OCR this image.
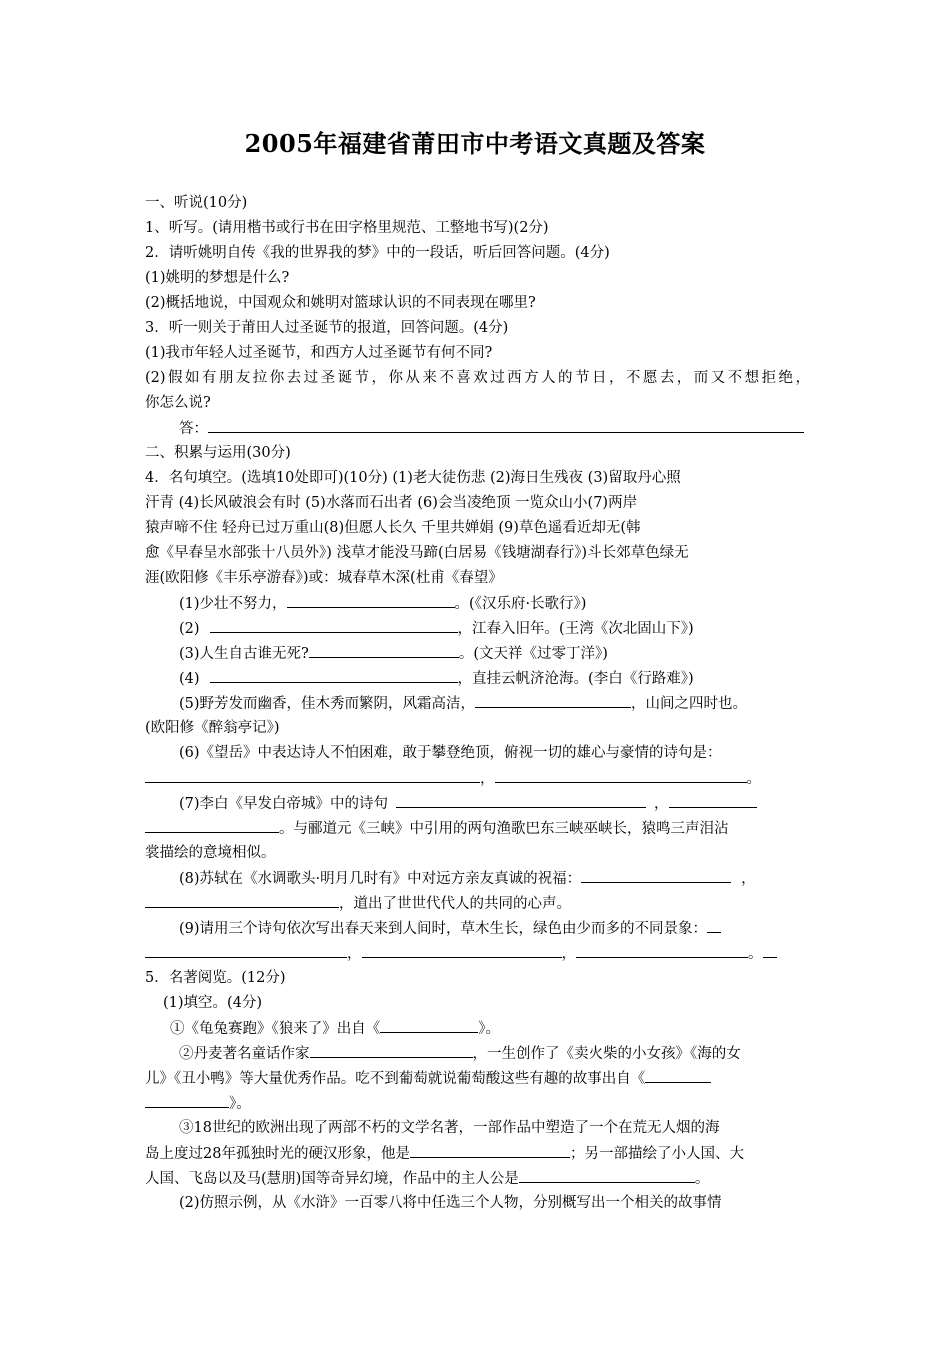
2005年福建省莆田市中考语文真题及答案
一、听说(10分)
1、听写。(请用楷书或行书在田字格里规范、工整地书写)(2分)
2．请听姚明自传《我的世界我的梦》中的一段话，听后回答问题。(4分)
(1)姚明的梦想是什么?
(2)概括地说，中国观众和姚明对篮球认识的不同表现在哪里?
3．听一则关于莆田人过圣诞节的报道，回答问题。(4分)
(1)我市年轻人过圣诞节，和西方人过圣诞节有何不同?
(2)假如有朋友拉你去过圣诞节，你从来不喜欢过西方人的节日，不愿去，而又不想拒绝，
你怎么说?
答：
二、积累与运用(30分)
4．名句填空。(选填10处即可)(10分) (1)老大徒伤悲 (2)海日生残夜 (3)留取丹心照
汗青 (4)长风破浪会有时 (5)水落而石出者 (6)会当凌绝顶 一览众山小(7)两岸
猿声啼不住 轻舟已过万重山(8)但愿人长久 千里共婵娟 (9)草色遥看近却无(韩
愈《早春呈水部张十八员外》) 浅草才能没马蹄(白居易《钱塘湖春行》)斗长郊草色绿无
涯(欧阳修《丰乐亭游春》)或：城春草木深(杜甫《春望》
(1)少壮不努力，	。(《汉乐府·长歌行》)
(2)	，江春入旧年。(王湾《次北固山下》)
(3)人生自古谁无死?	。(文天祥《过零丁洋》)
(4)	，直挂云帆济沧海。(李白《行路难》)
(5)野芳发而幽香，佳木秀而繁阴，风霜高洁，	，山间之四时也。
(欧阳修《醉翁亭记》)
(6)《望岳》中表达诗人不怕困难，敢于攀登绝顶，俯视一切的雄心与豪情的诗句是：
，	。
(7)李白《早发白帝城》中的诗句	，
。与郦道元《三峡》中引用的两句渔歌巴东三峡巫峡长，猿鸣三声泪沾
裳描绘的意境相似。
(8)苏轼在《水调歌头·明月几时有》中对远方亲友真诚的祝福：	，
，道出了世世代代人的共同的心声。
(9)请用三个诗句依次写出春天来到人间时，草木生长，绿色由少而多的不同景象：
，	，	。
5．名著阅览。(12分)
(1)填空。(4分)
①《龟兔赛跑》《狼来了》出自《	》。
②丹麦著名童话作家	，一生创作了《卖火柴的小女孩》《海的女
儿》《丑小鸭》等大量优秀作品。吃不到葡萄就说葡萄酸这些有趣的故事出自《
》。
③18世纪的欧洲出现了两部不朽的文学名著，一部作品中塑造了一个在荒无人烟的海
岛上度过28年孤独时光的硬汉形象，他是	；另一部描绘了小人国、大
人国、飞岛以及马(慧朋)国等奇异幻境，作品中的主人公是	。
(2)仿照示例，从《水浒》一百零八将中任选三个人物，分别概写出一个相关的故事情
